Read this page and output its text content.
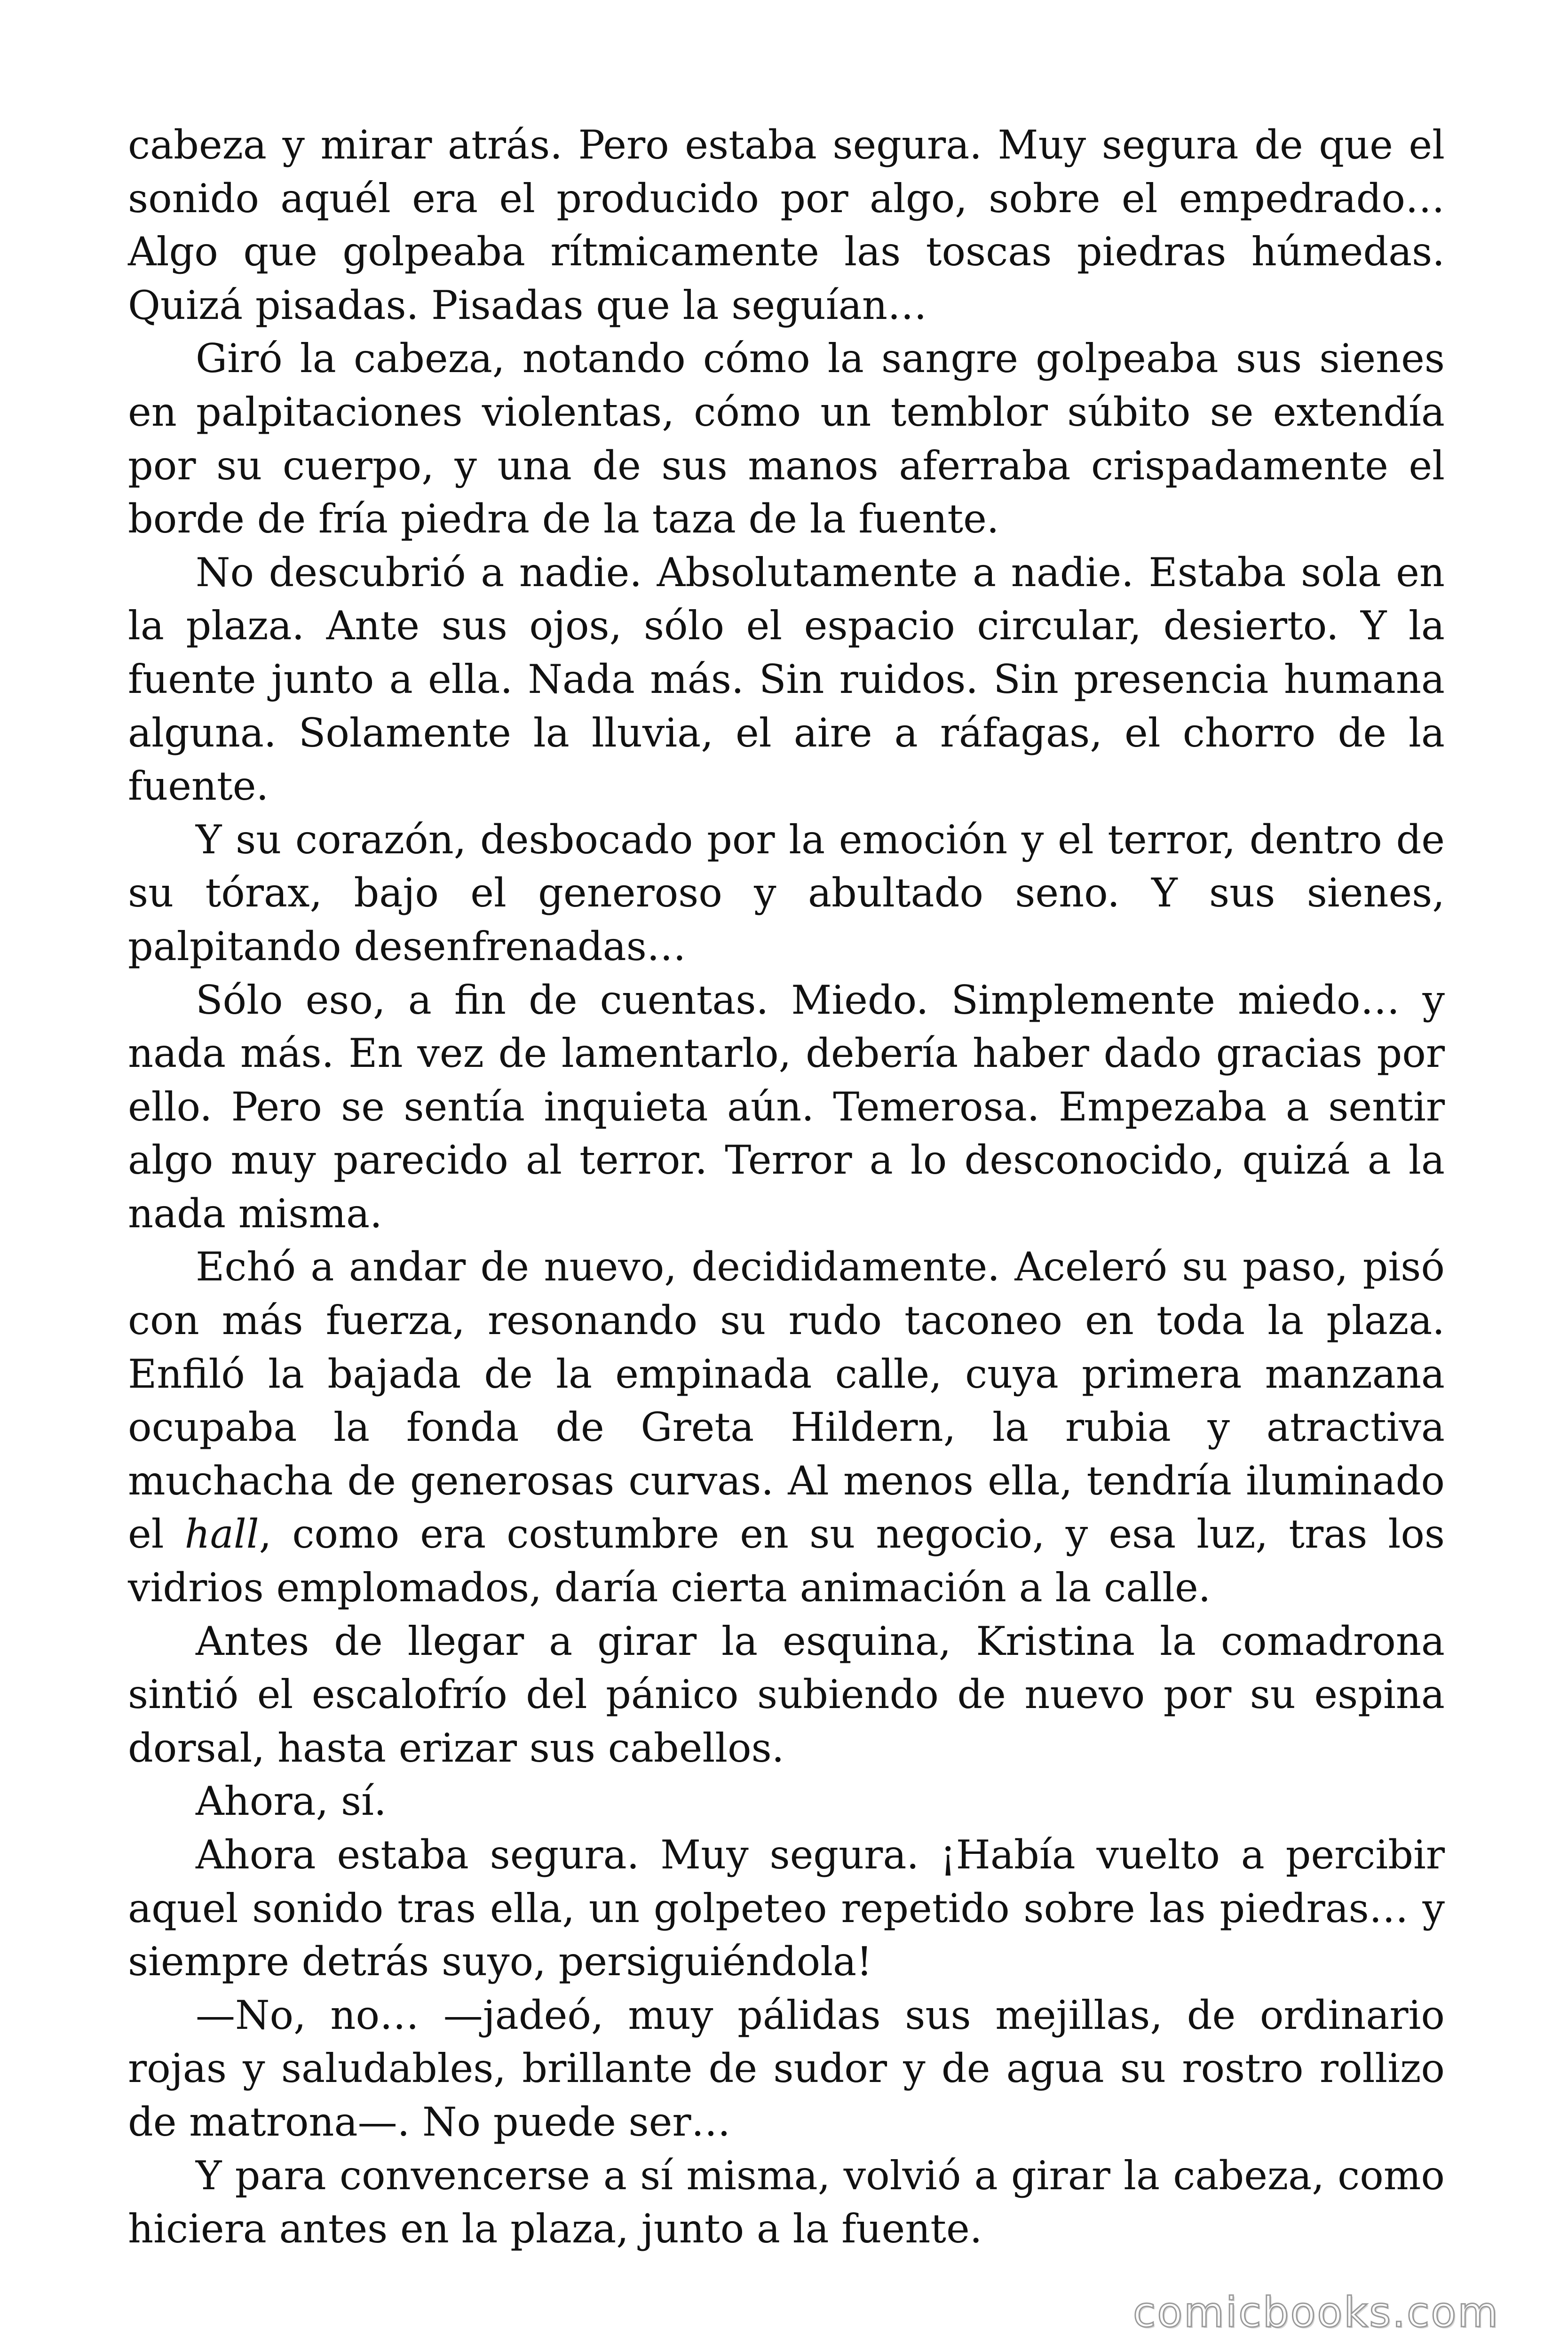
cabeza y mirar atrás. Pero estaba segura. Muy segura de que el sonido aquél era el producido por algo, sobre el empedrado… Algo que golpeaba rítmicamente las toscas piedras húmedas. Quizá pisadas. Pisadas que la seguían…

Giró la cabeza, notando cómo la sangre golpeaba sus sienes en palpitaciones violentas, cómo un temblor súbito se extendía por su cuerpo, y una de sus manos aferraba crispadamente el borde de fría piedra de la taza de la fuente.

No descubrió a nadie. Absolutamente a nadie. Estaba sola en la plaza. Ante sus ojos, sólo el espacio circular, desierto. Y la fuente junto a ella. Nada más. Sin ruidos. Sin presencia humana alguna. Solamente la lluvia, el aire a ráfagas, el chorro de la fuente.

Y su corazón, desbocado por la emoción y el terror, dentro de su tórax, bajo el generoso y abultado seno. Y sus sienes, palpitando desenfrenadas…

Sólo eso, a fin de cuentas. Miedo. Simplemente miedo… y nada más. En vez de lamentarlo, debería haber dado gracias por ello. Pero se sentía inquieta aún. Temerosa. Empezaba a sentir algo muy parecido al terror. Terror a lo desconocido, quizá a la nada misma.

Echó a andar de nuevo, decididamente. Aceleró su paso, pisó con más fuerza, resonando su rudo taconeo en toda la plaza. Enfiló la bajada de la empinada calle, cuya primera manzana ocupaba la fonda de Greta Hildern, la rubia y atractiva muchacha de generosas curvas. Al menos ella, tendría iluminado el hall, como era costumbre en su negocio, y esa luz, tras los vidrios emplomados, daría cierta animación a la calle.

Antes de llegar a girar la esquina, Kristina la comadrona sintió el escalofrío del pánico subiendo de nuevo por su espina dorsal, hasta erizar sus cabellos.

Ahora, sí.

Ahora estaba segura. Muy segura. ¡Había vuelto a percibir aquel sonido tras ella, un golpeteo repetido sobre las piedras… y siempre detrás suyo, persiguiéndola!

—No, no… —jadeó, muy pálidas sus mejillas, de ordinario rojas y saludables, brillante de sudor y de agua su rostro rollizo de matrona—. No puede ser…

Y para convencerse a sí misma, volvió a girar la cabeza, como hiciera antes en la plaza, junto a la fuente.

comicbooks.com
